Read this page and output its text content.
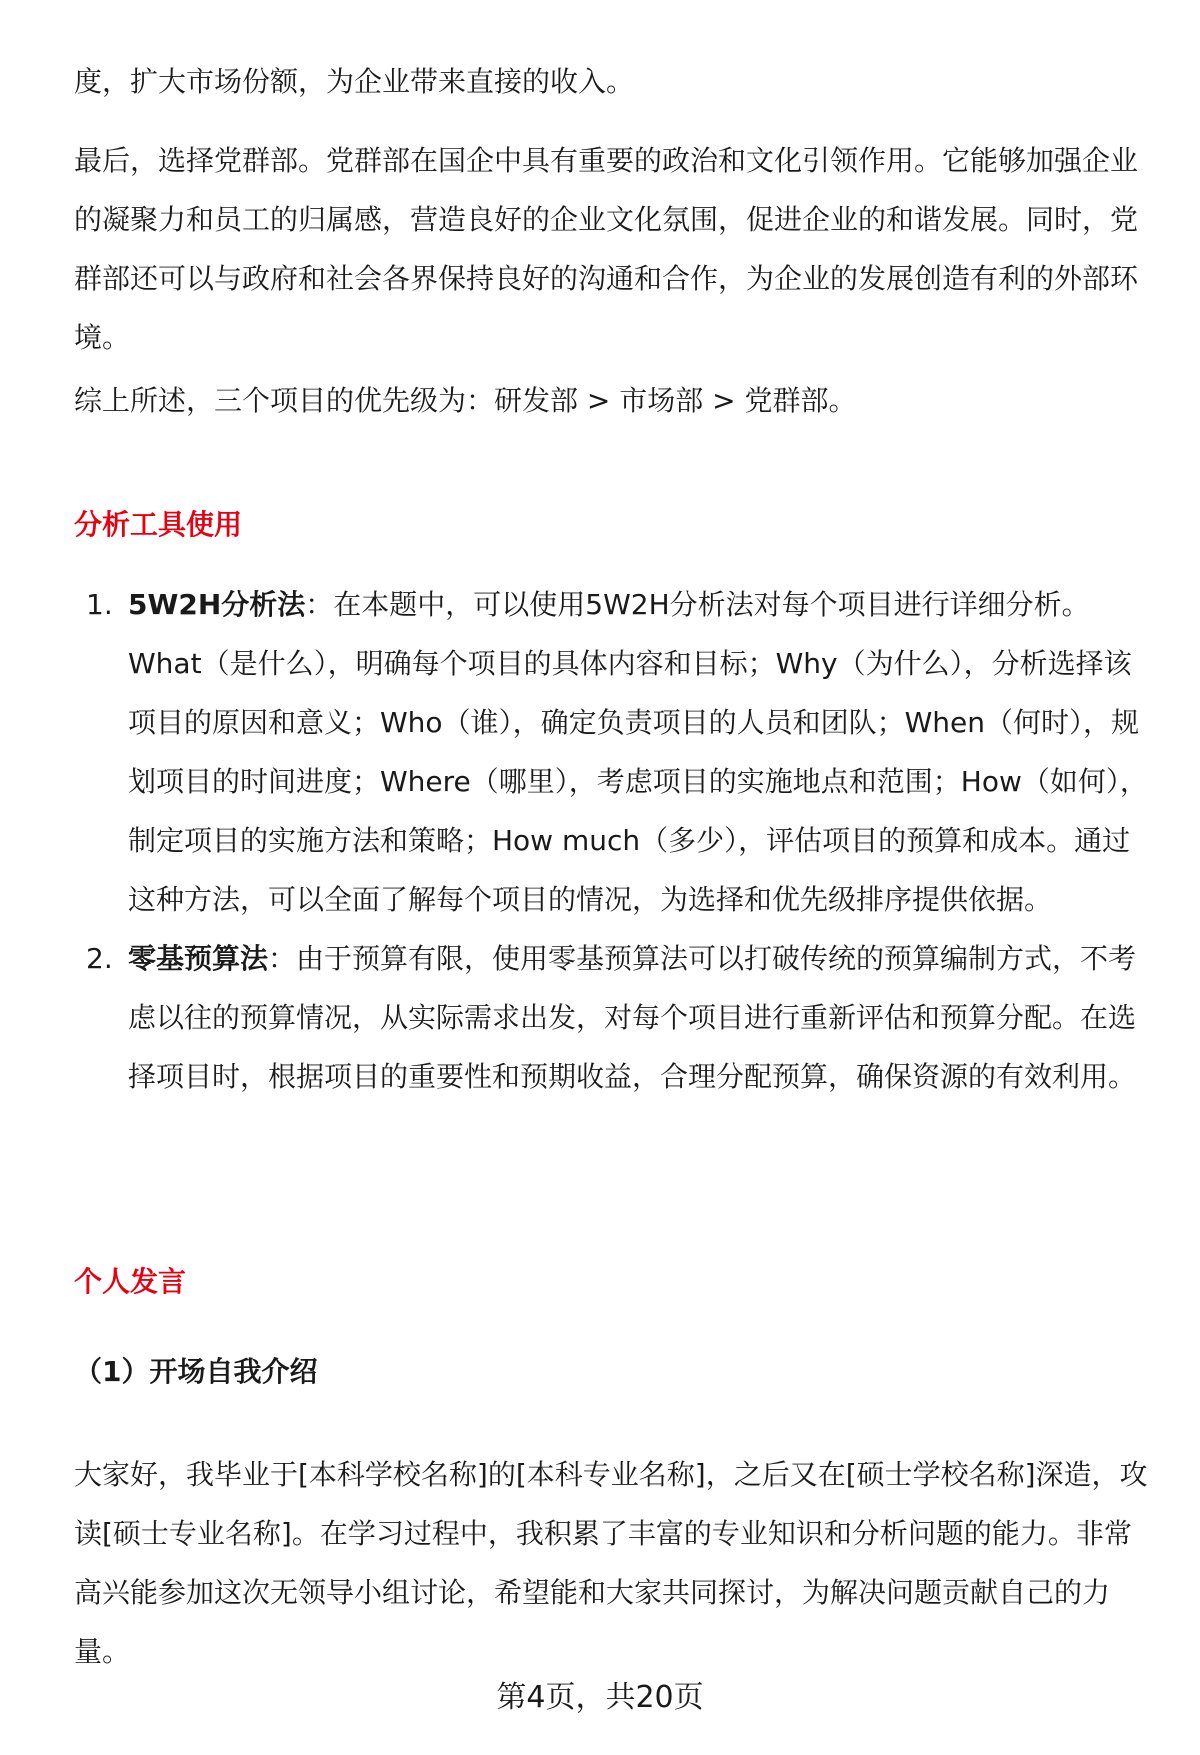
度，扩大市场份额，为企业带来直接的收入。

最后，选择党群部。党群部在国企中具有重要的政治和文化引领作用。它能够加强企业的凝聚力和员工的归属感，营造良好的企业文化氛围，促进企业的和谐发展。同时，党群部还可以与政府和社会各界保持良好的沟通和合作，为企业的发展创造有利的外部环境。

综上所述，三个项目的优先级为：研发部 > 市场部 > 党群部。

分析工具使用
1. 5W2H分析法：在本题中，可以使用5W2H分析法对每个项目进行详细分析。What（是什么），明确每个项目的具体内容和目标；Why（为什么），分析选择该项目的原因和意义；Who（谁），确定负责项目的人员和团队；When（何时），规划项目的时间进度；Where（哪里），考虑项目的实施地点和范围；How（如何），制定项目的实施方法和策略；How much（多少），评估项目的预算和成本。通过这种方法，可以全面了解每个项目的情况，为选择和优先级排序提供依据。
2. 零基预算法：由于预算有限，使用零基预算法可以打破传统的预算编制方式，不考虑以往的预算情况，从实际需求出发，对每个项目进行重新评估和预算分配。在选择项目时，根据项目的重要性和预期收益，合理分配预算，确保资源的有效利用。
个人发言
（1）开场自我介绍

大家好，我毕业于[本科学校名称]的[本科专业名称]，之后又在[硕士学校名称]深造，攻读[硕士专业名称]。在学习过程中，我积累了丰富的专业知识和分析问题的能力。非常高兴能参加这次无领导小组讨论，希望能和大家共同探讨，为解决问题贡献自己的力量。

第4页，共20页
